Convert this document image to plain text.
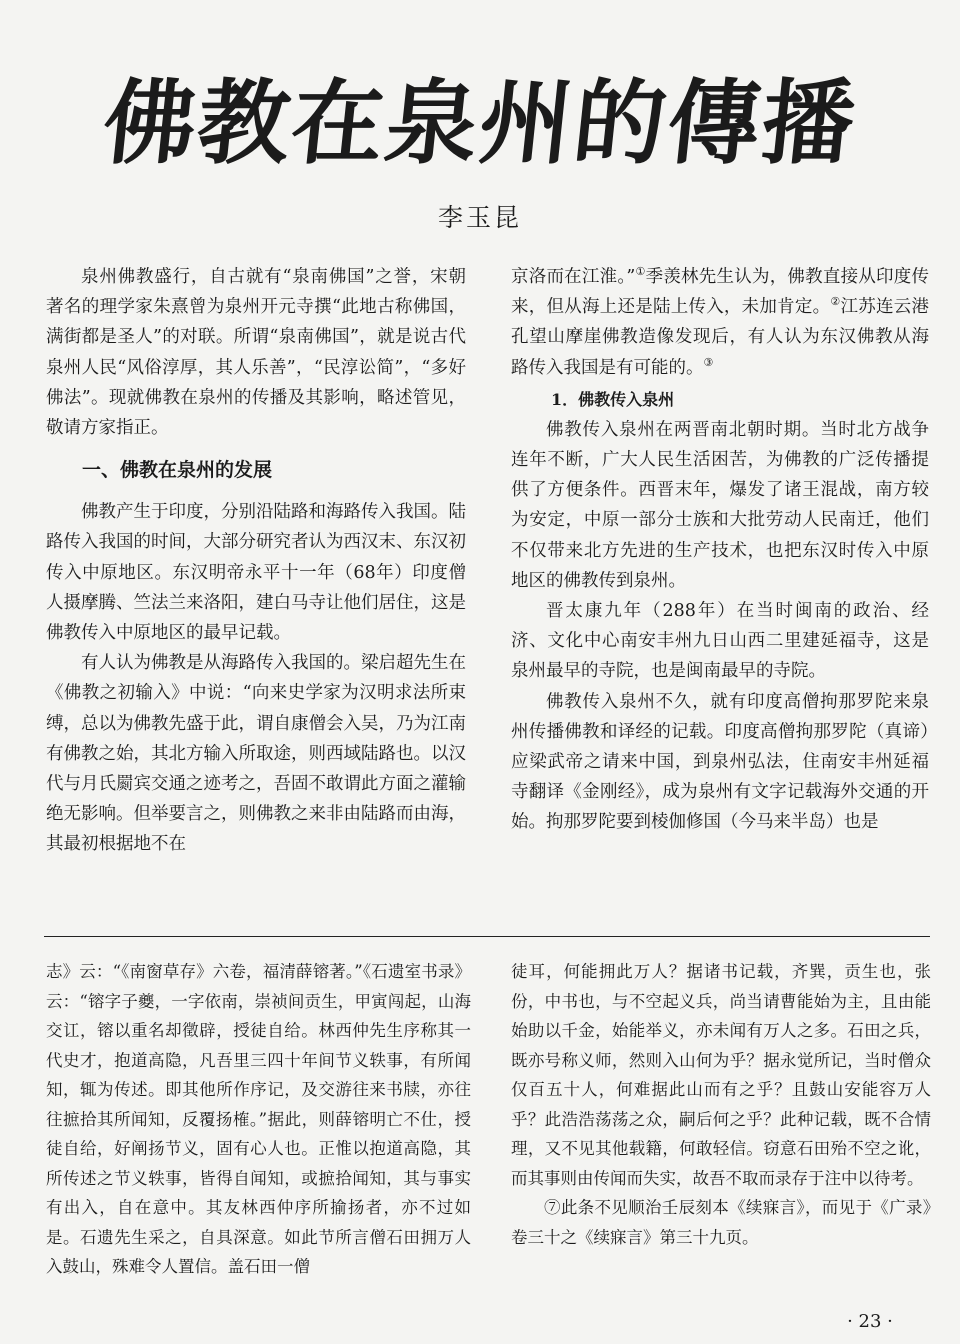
佛教在泉州的傳播
李玉昆

泉州佛教盛行，自古就有“泉南佛国”之誉，宋朝著名的理学家朱熹曾为泉州开元寺撰“此地古称佛国，满街都是圣人”的对联。所谓“泉南佛国”，就是说古代泉州人民“风俗淳厚，其人乐善”，“民淳讼简”，“多好佛法”。现就佛教在泉州的传播及其影响，略述管见，敬请方家指正。

一、佛教在泉州的发展

佛教产生于印度，分别沿陆路和海路传入我国。陆路传入我国的时间，大部分研究者认为西汉末、东汉初传入中原地区。东汉明帝永平十一年（68年）印度僧人摄摩腾、竺法兰来洛阳，建白马寺让他们居住，这是佛教传入中原地区的最早记载。

有人认为佛教是从海路传入我国的。梁启超先生在《佛教之初输入》中说：“向来史学家为汉明求法所束缚，总以为佛教先盛于此，谓自康僧会入吴，乃为江南有佛教之始，其北方输入所取途，则西域陆路也。以汉代与月氏罽宾交通之迹考之，吾固不敢谓此方面之灌输绝无影响。但举要言之，则佛教之来非由陆路而由海，其最初根据地不在

京洛而在江淮。”①季羡林先生认为，佛教直接从印度传来，但从海上还是陆上传入，未加肯定。②江苏连云港孔望山摩崖佛教造像发现后，有人认为东汉佛教从海路传入我国是有可能的。③

1．佛教传入泉州

佛教传入泉州在两晋南北朝时期。当时北方战争连年不断，广大人民生活困苦，为佛教的广泛传播提供了方便条件。西晋末年，爆发了诸王混战，南方较为安定，中原一部分士族和大批劳动人民南迁，他们不仅带来北方先进的生产技术，也把东汉时传入中原地区的佛教传到泉州。

晋太康九年（288年）在当时闽南的政治、经济、文化中心南安丰州九日山西二里建延福寺，这是泉州最早的寺院，也是闽南最早的寺院。

佛教传入泉州不久，就有印度高僧拘那罗陀来泉州传播佛教和译经的记载。印度高僧拘那罗陀（真谛）应梁武帝之请来中国，到泉州弘法，住南安丰州延福寺翻译《金刚经》，成为泉州有文字记载海外交通的开始。拘那罗陀要到棱伽修国（今马来半岛）也是

志》云：“《南窗草存》六卷，福清薛镕著。”《石遗室书录》云：“镕字子夔，一字依南，崇祯间贡生，甲寅闯起，山海交讧，镕以重名却徵辟，授徒自给。林西仲先生序称其一代史才，抱道高隐，凡吾里三四十年间节义轶事，有所闻知，辄为传述。即其他所作序记，及交游往来书牍，亦往往摭拾其所闻知，反覆扬榷。”据此，则薛镕明亡不仕，授徒自给，好阐扬节义，固有心人也。正惟以抱道高隐，其所传述之节义轶事，皆得自闻知，或摭拾闻知，其与事实有出入，自在意中。其友林西仲序所揄扬者，亦不过如是。石遗先生采之，自具深意。如此节所言僧石田拥万人入鼓山，殊难令人置信。盖石田一僧

徒耳，何能拥此万人？据诸书记载，齐巽，贡生也，张份，中书也，与不空起义兵，尚当请曹能始为主，且由能始助以千金，始能举义，亦未闻有万人之多。石田之兵，既亦号称义师，然则入山何为乎？据永觉所记，当时僧众仅百五十人，何难据此山而有之乎？且鼓山安能容万人乎？此浩浩荡荡之众，嗣后何之乎？此种记载，既不合情理，又不见其他载籍，何敢轻信。窃意石田殆不空之讹，而其事则由传闻而失实，故吾不取而录存于注中以待考。

⑦此条不见顺治壬辰刻本《续寐言》，而见于《广录》卷三十之《续寐言》第三十九页。

· 23 ·
